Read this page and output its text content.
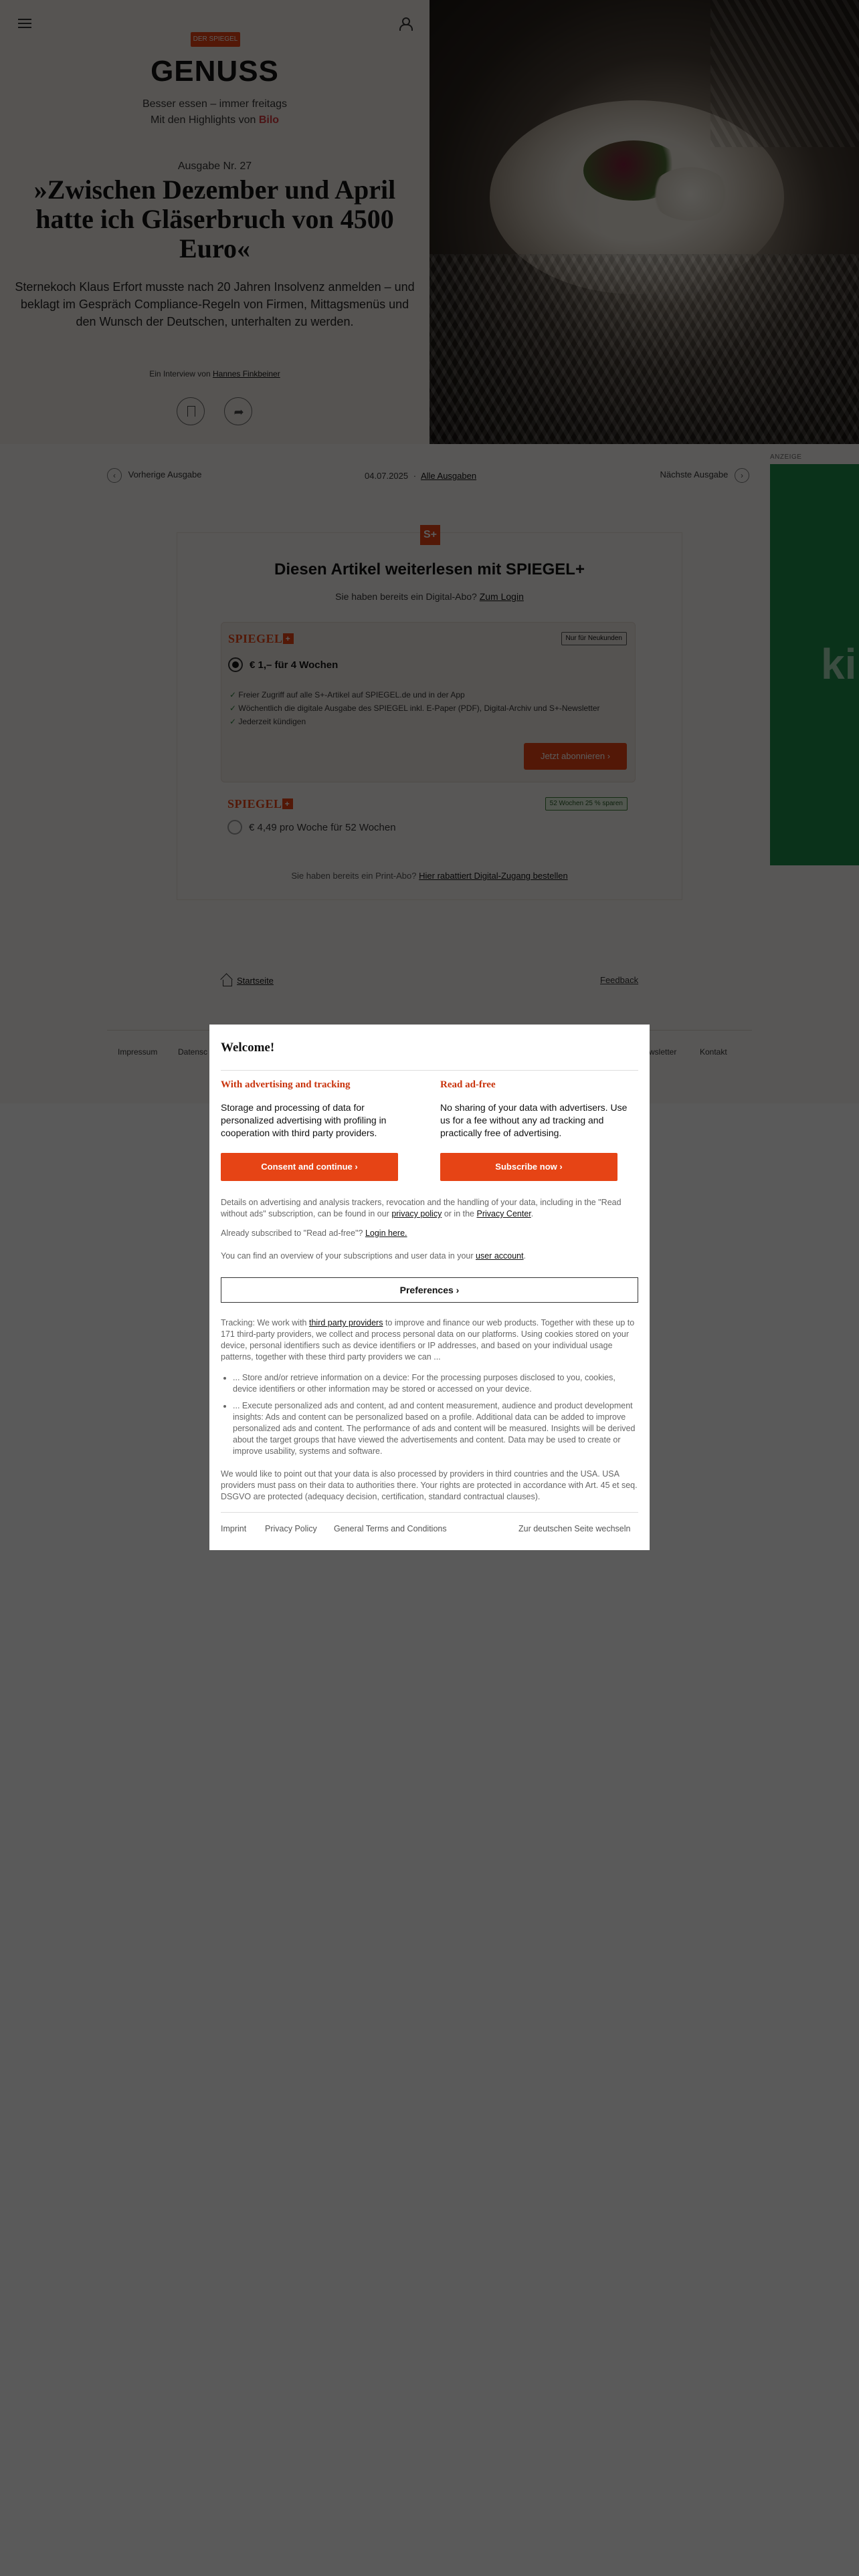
✓
✓
✓
Welcome!
With advertising and tracking
Storage and processing of data for personalized advertising with profiling in cooperation with third party providers.
Consent and continue ›
Read ad-free
No sharing of your data with advertisers. Use us for a fee without any ad tracking and practically free of advertising.
Subscribe now ›
Details on advertising and analysis trackers, revocation and the handling of your data, including in the "Read without ads" subscription, can be found in our privacy policy or in the Privacy Center.
Already subscribed to "Read ad-free"? Login here.
You can find an overview of your subscriptions and user data in your user account.
Preferences ›
Tracking: We work with third party providers to improve and finance our web products. Together with these up to 171 third-party providers, we collect and process personal data on our platforms. Using cookies stored on your device, personal identifiers such as device identifiers or IP addresses, and based on your individual usage patterns, together with these third party providers we can ...
• ... Store and/or retrieve information on a device: For the processing purposes disclosed to you, cookies, device identifiers or other information may be stored or accessed on your device.
• ... Execute personalized ads and content, ad and content measurement, audience and product development insights: Ads and content can be personalized based on a profile. Additional data can be added to improve personalized ads and content. The performance of ads and content will be measured. Insights will be derived about the target groups that have viewed the advertisements and content. Data may be used to create or improve usability, systems and software.
We would like to point out that your data is also processed by providers in third countries and the USA. USA providers must pass on their data to authorities there. Your rights are protected in accordance with Art. 45 et seq. DSGVO are protected (adequacy decision, certification, standard contractual clauses).
Imprint Privacy Policy General Terms and Conditions	Zur deutschen Seite wechseln
